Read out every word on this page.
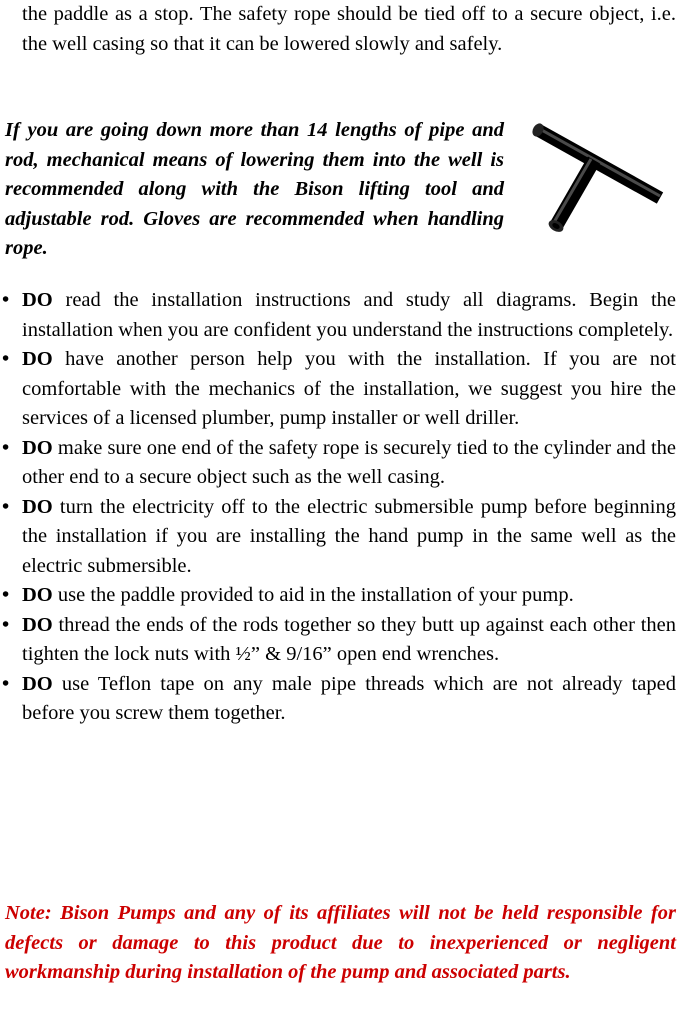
the paddle as a stop. The safety rope should be tied off to a secure object, i.e. the well casing so that it can be lowered slowly and safely.

If you are going down more than 14 lengths of pipe and rod, mechanical means of lowering them into the well is recommended along with the Bison lifting tool and adjustable rod. Gloves are recommended when handling rope.

• DO read the installation instructions and study all diagrams. Begin the installation when you are confident you understand the instructions completely.
• DO have another person help you with the installation. If you are not comfortable with the mechanics of the installation, we suggest you hire the services of a licensed plumber, pump installer or well driller.
• DO make sure one end of the safety rope is securely tied to the cylinder and the other end to a secure object such as the well casing.
• DO turn the electricity off to the electric submersible pump before beginning the installation if you are installing the hand pump in the same well as the electric submersible.
• DO use the paddle provided to aid in the installation of your pump.
• DO thread the ends of the rods together so they butt up against each other then tighten the lock nuts with ½” & 9/16” open end wrenches.
• DO use Teflon tape on any male pipe threads which are not already taped before you screw them together.

Note: Bison Pumps and any of its affiliates will not be held responsible for defects or damage to this product due to inexperienced or negligent workmanship during installation of the pump and associated parts.
